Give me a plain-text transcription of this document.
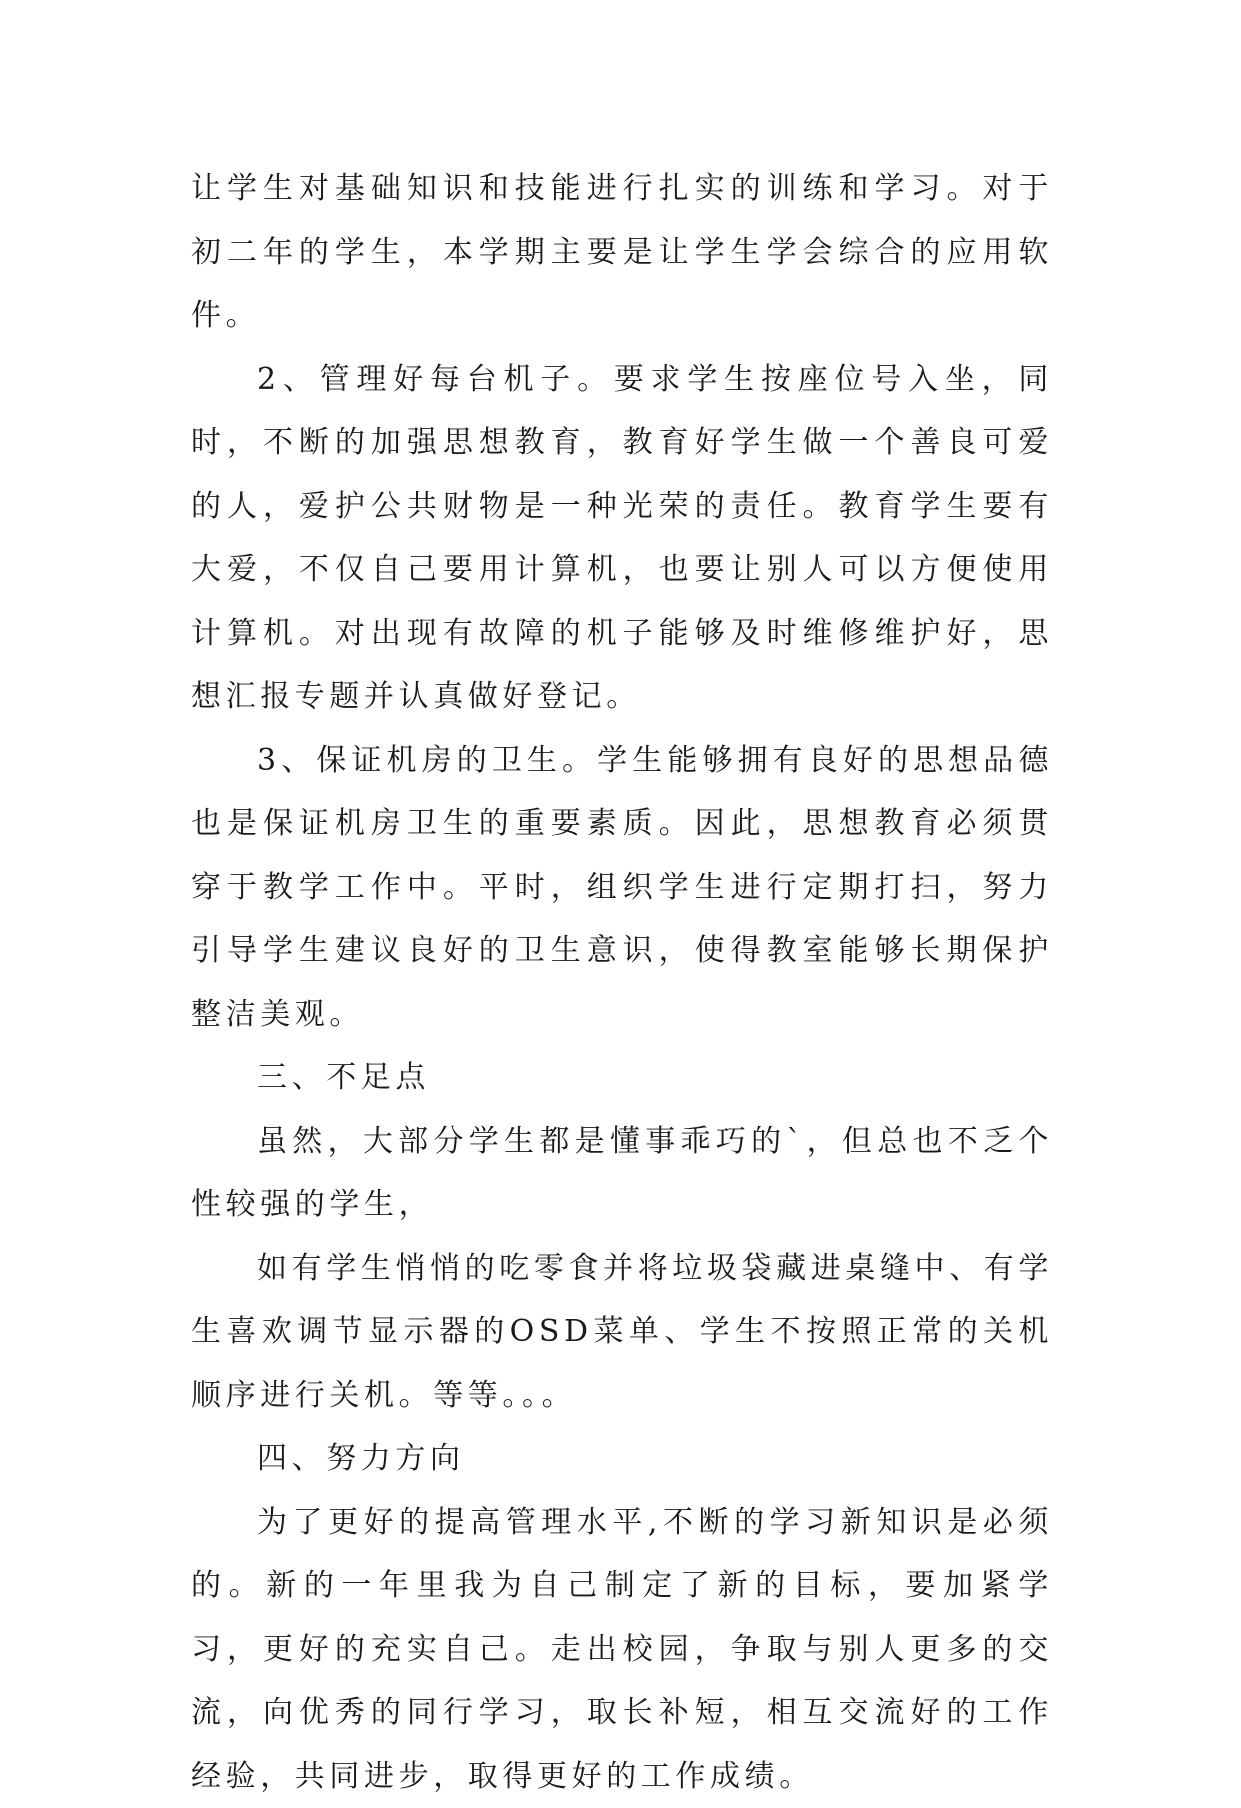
让学生对基础知识和技能进行扎实的训练和学习。对于初二年的学生，本学期主要是让学生学会综合的应用软件。

2、管理好每台机子。要求学生按座位号入坐，同时，不断的加强思想教育，教育好学生做一个善良可爱的人，爱护公共财物是一种光荣的责任。教育学生要有大爱，不仅自己要用计算机，也要让别人可以方便使用计算机。对出现有故障的机子能够及时维修维护好，思想汇报专题并认真做好登记。

3、保证机房的卫生。学生能够拥有良好的思想品德也是保证机房卫生的重要素质。因此，思想教育必须贯穿于教学工作中。平时，组织学生进行定期打扫，努力引导学生建议良好的卫生意识，使得教室能够长期保护整洁美观。

三、不足点

虽然，大部分学生都是懂事乖巧的`，但总也不乏个性较强的学生，

如有学生悄悄的吃零食并将垃圾袋藏进桌缝中、有学生喜欢调节显示器的OSD菜单、学生不按照正常的关机顺序进行关机。等等。。。

四、努力方向

为了更好的提高管理水平,不断的学习新知识是必须的。新的一年里我为自己制定了新的目标，要加紧学习，更好的充实自己。走出校园，争取与别人更多的交流，向优秀的同行学习，取长补短，相互交流好的工作经验，共同进步，取得更好的工作成绩。
